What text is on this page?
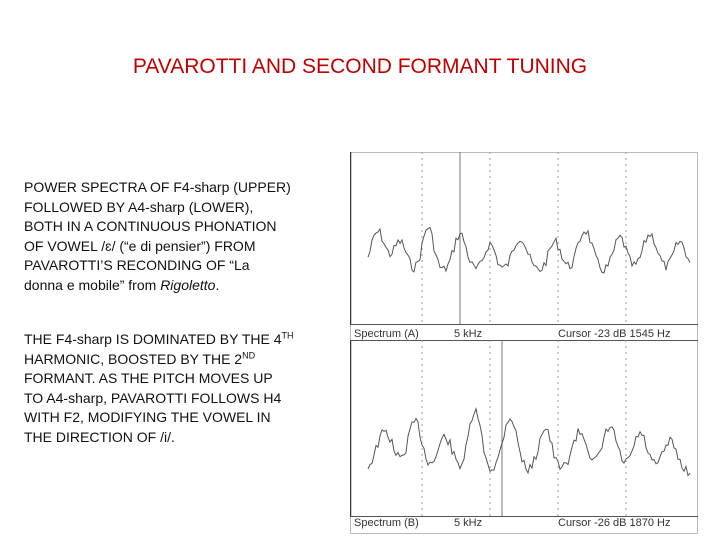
PAVAROTTI AND SECOND FORMANT TUNING
POWER SPECTRA OF F4-sharp (UPPER)
FOLLOWED BY A4-sharp (LOWER),
BOTH IN A CONTINUOUS PHONATION
OF VOWEL /ɛ/ (“e di pensier”) FROM
PAVAROTTI’S RECONDING OF “La
donna e mobile” from Rigoletto.
THE F4-sharp IS DOMINATED BY THE 4TH
HARMONIC, BOOSTED BY THE 2ND
FORMANT. AS THE PITCH MOVES UP
TO A4-sharp, PAVAROTTI FOLLOWS H4
WITH F2, MODIFYING THE VOWEL IN
THE DIRECTION OF /i/.
Spectrum (A)	5 kHz	Cursor -23 dB 1545 Hz
Spectrum (B)	5 kHz	Cursor -26 dB 1870 Hz
